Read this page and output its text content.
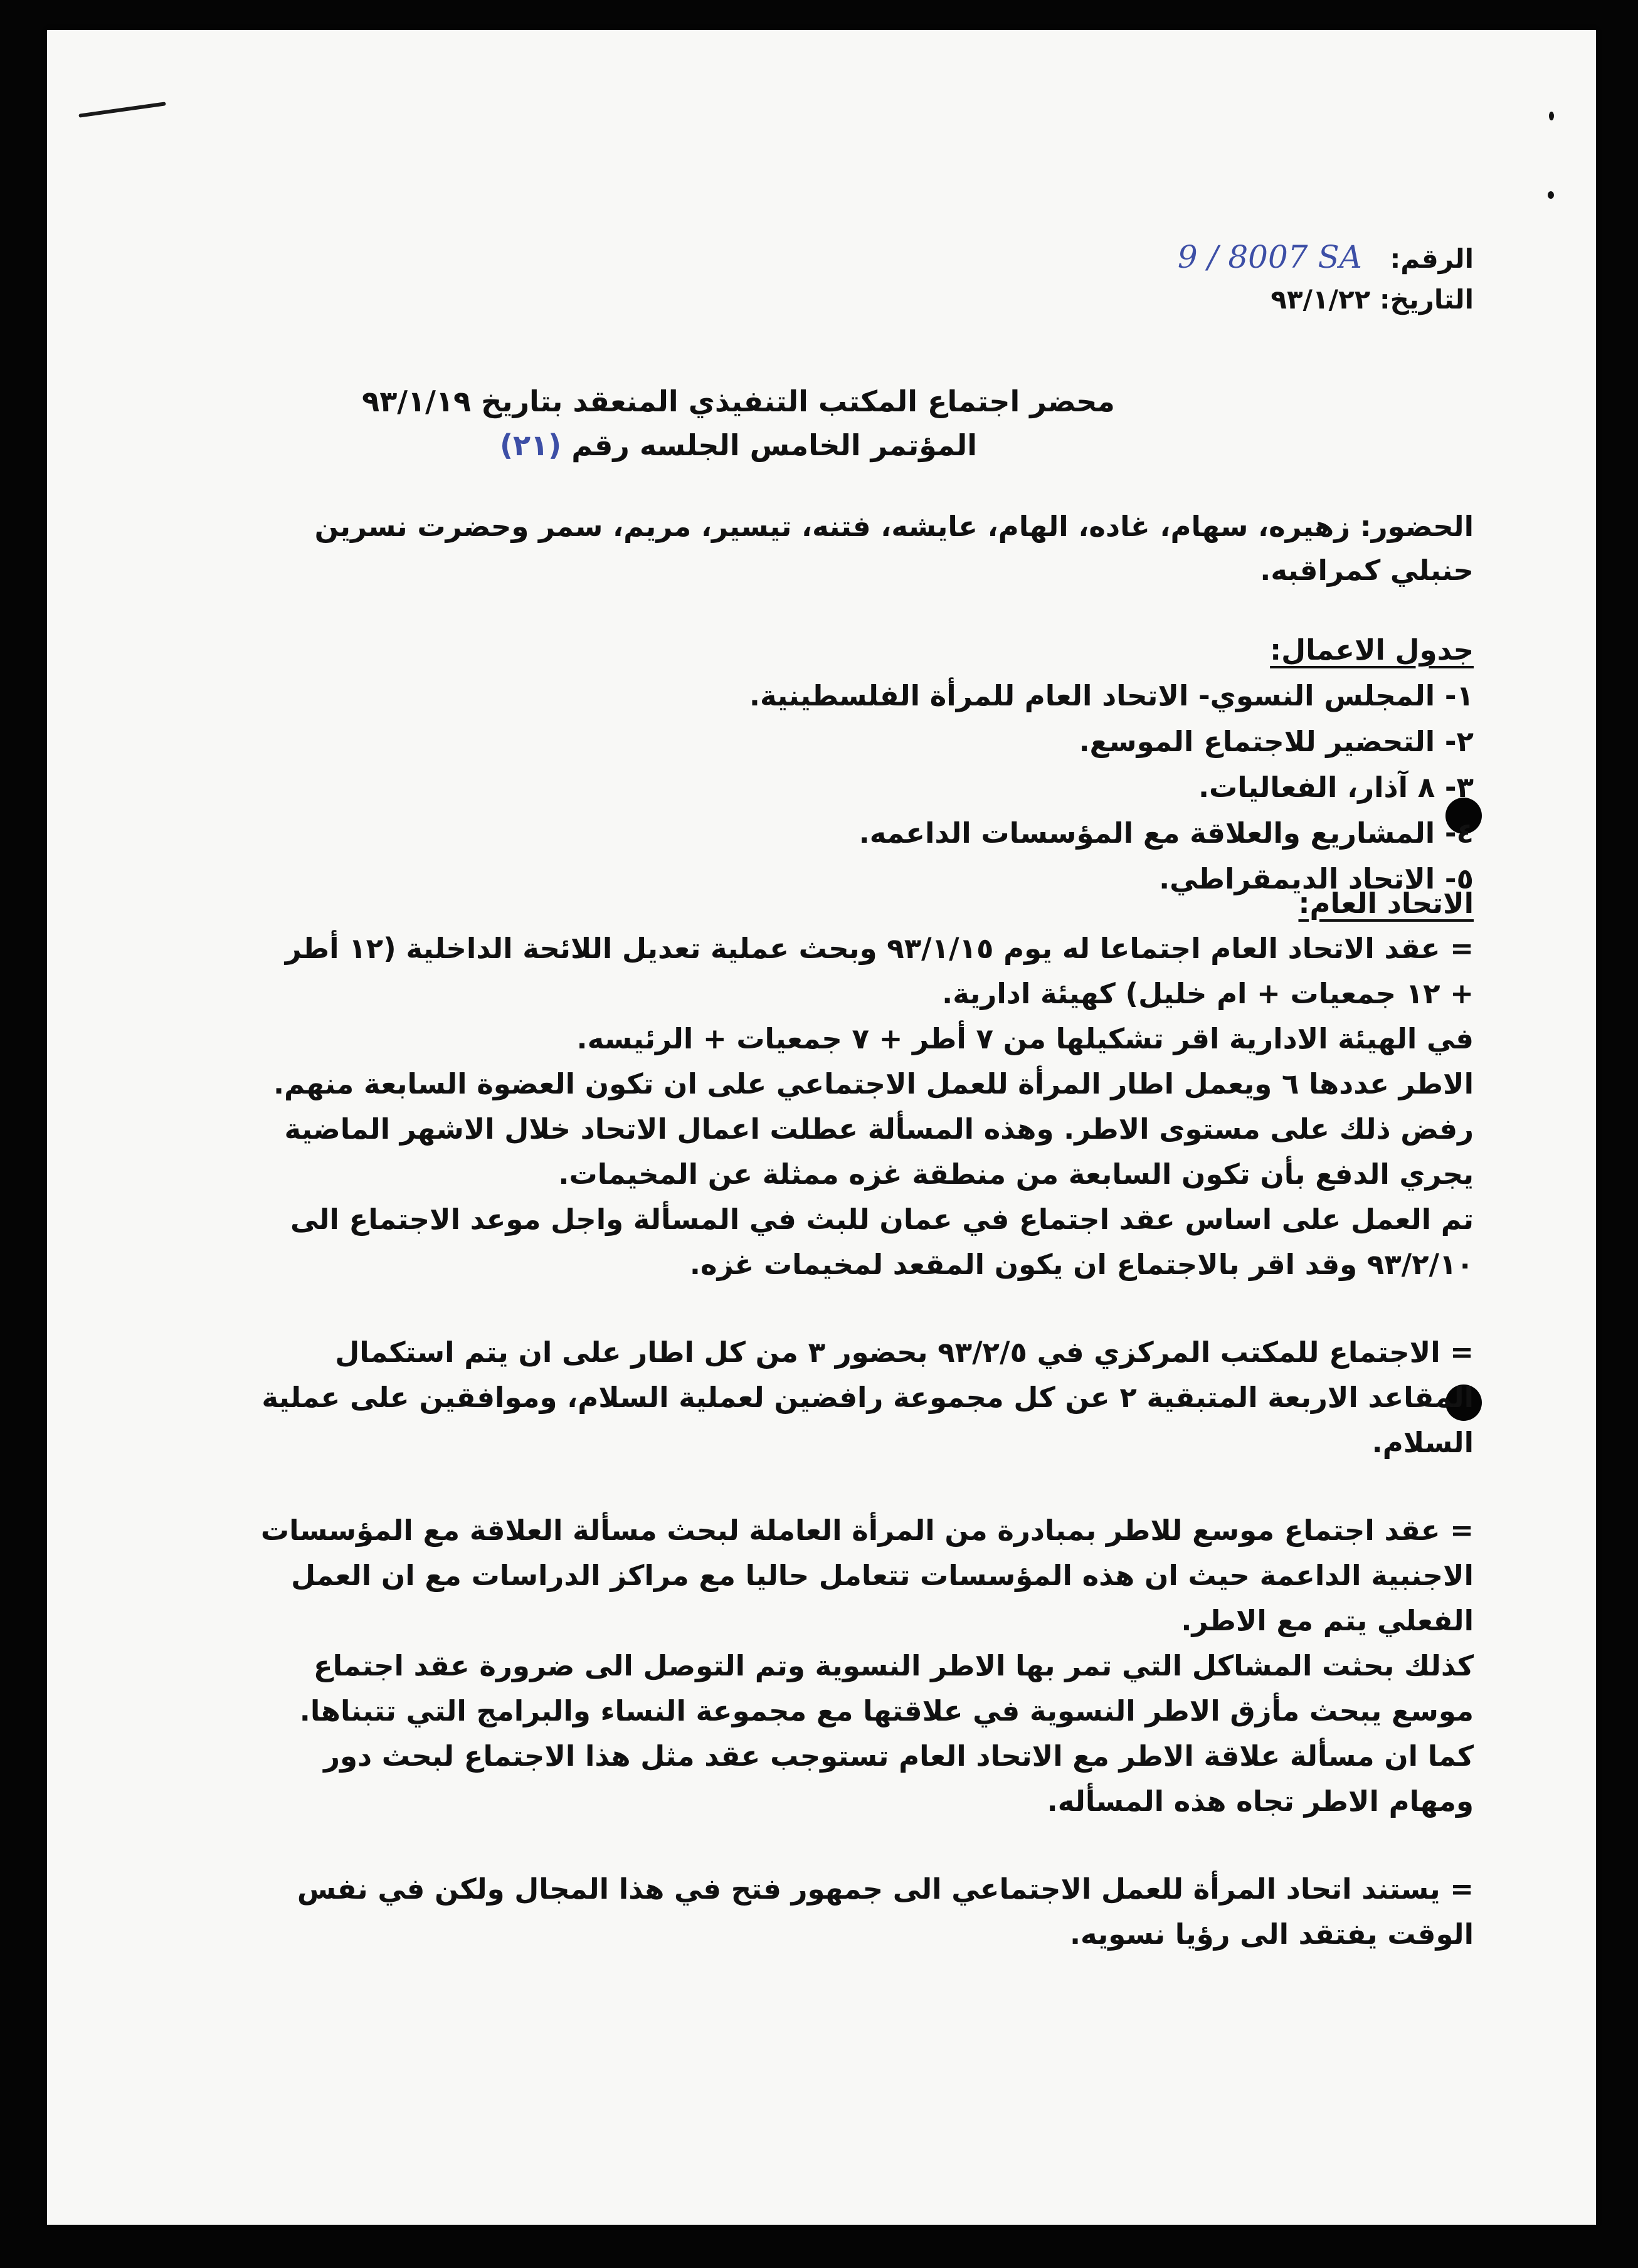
الرقم: 9 / 8007 SA
التاريخ: ٩٣/١/٢٢
محضر اجتماع المكتب التنفيذي المنعقد بتاريخ ٩٣/١/١٩
المؤتمر الخامس الجلسه رقم (٢١)
الحضور: زهيره، سهام، غاده، الهام، عايشه، فتنه، تيسير، مريم، سمر وحضرت نسرين حنبلي كمراقبه.
جدول الاعمال:
١- المجلس النسوي- الاتحاد العام للمرأة الفلسطينية.
٢- التحضير للاجتماع الموسع.
٣- ٨ آذار، الفعاليات.
٤- المشاريع والعلاقة مع المؤسسات الداعمه.
٥- الاتحاد الديمقراطي.
الاتحاد العام:

= عقد الاتحاد العام اجتماعا له يوم ٩٣/١/١٥ وبحث عملية تعديل اللائحة الداخلية (١٢ أطر + ١٢ جمعيات + ام خليل) كهيئة ادارية.

في الهيئة الادارية اقر تشكيلها من ٧ أطر + ٧ جمعيات + الرئيسه.

الاطر عددها ٦ ويعمل اطار المرأة للعمل الاجتماعي على ان تكون العضوة السابعة منهم. رفض ذلك على مستوى الاطر. وهذه المسألة عطلت اعمال الاتحاد خلال الاشهر الماضية يجري الدفع بأن تكون السابعة من منطقة غزه ممثلة عن المخيمات.

تم العمل على اساس عقد اجتماع في عمان للبث في المسألة واجل موعد الاجتماع الى ٩٣/٢/١٠ وقد اقر بالاجتماع ان يكون المقعد لمخيمات غزه.

= الاجتماع للمكتب المركزي في ٩٣/٢/٥ بحضور ٣ من كل اطار على ان يتم استكمال المقاعد الاربعة المتبقية ٢ عن كل مجموعة رافضين لعملية السلام، وموافقين على عملية السلام.

= عقد اجتماع موسع للاطر بمبادرة من المرأة العاملة لبحث مسألة العلاقة مع المؤسسات الاجنبية الداعمة حيث ان هذه المؤسسات تتعامل حاليا مع مراكز الدراسات مع ان العمل الفعلي يتم مع الاطر.

كذلك بحثت المشاكل التي تمر بها الاطر النسوية وتم التوصل الى ضرورة عقد اجتماع موسع يبحث مأزق الاطر النسوية في علاقتها مع مجموعة النساء والبرامج التي تتبناها. كما ان مسألة علاقة الاطر مع الاتحاد العام تستوجب عقد مثل هذا الاجتماع لبحث دور ومهام الاطر تجاه هذه المسأله.

= يستند اتحاد المرأة للعمل الاجتماعي الى جمهور فتح في هذا المجال ولكن في نفس الوقت يفتقد الى رؤيا نسويه.
